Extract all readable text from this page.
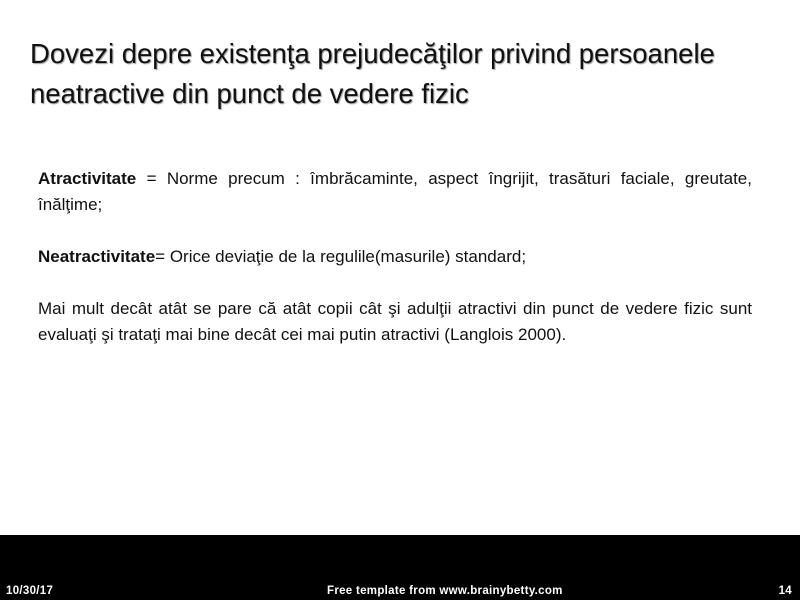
Dovezi depre existenţa prejudecăţilor privind persoanele neatractive din punct de vedere fizic

Atractivitate = Norme precum : îmbrăcaminte, aspect îngrijit, trasături faciale, greutate, înălţime;

Neatractivitate= Orice deviaţie de la regulile(masurile) standard;

Mai mult decât atât se pare că atât copii cât şi adulţii atractivi din punct de vedere fizic sunt evaluaţi şi trataţi mai bine decât cei mai putin atractivi (Langlois 2000).

10/30/17	Free template from www.brainybetty.com	14
